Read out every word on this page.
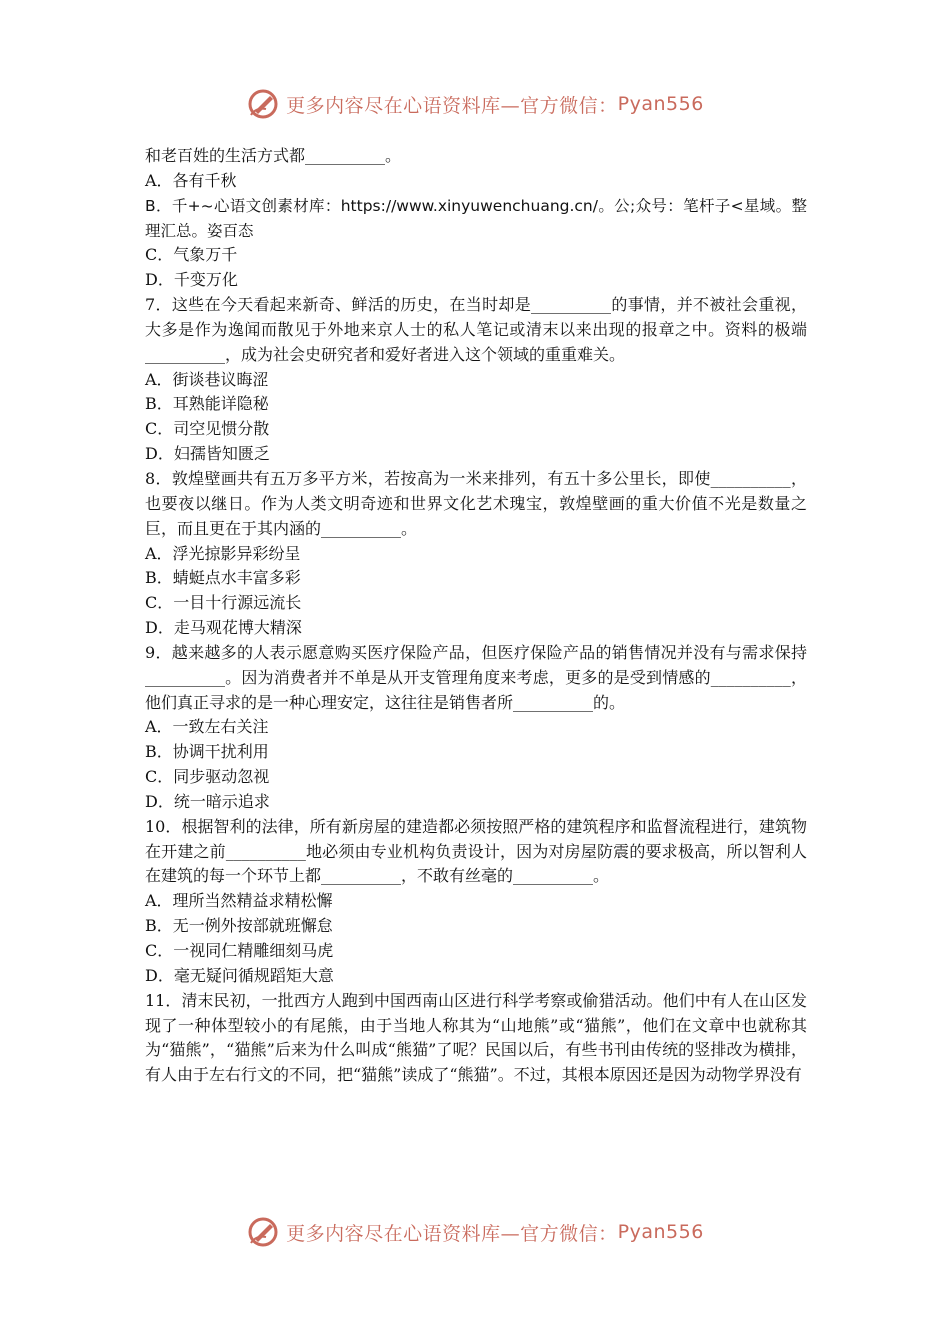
更多内容尽在心语资料库—官方微信： Pyan556

和老百姓的生活方式都__________。

A．各有千秋

B．千+~心语文创素材库：https://www.xinyuwenchuang.cn/。公;众号：笔杆子<星域。整理汇总。姿百态

C．气象万千

D．千变万化

7．这些在今天看起来新奇、鲜活的历史，在当时却是__________的事情，并不被社会重视，大多是作为逸闻而散见于外地来京人士的私人笔记或清末以来出现的报章之中。资料的极端__________，成为社会史研究者和爱好者进入这个领域的重重难关。

A．街谈巷议晦涩

B．耳熟能详隐秘

C．司空见惯分散

D．妇孺皆知匮乏

8．敦煌壁画共有五万多平方米，若按高为一米来排列，有五十多公里长，即使__________，也要夜以继日。作为人类文明奇迹和世界文化艺术瑰宝，敦煌壁画的重大价值不光是数量之巨，而且更在于其内涵的__________。

A．浮光掠影异彩纷呈

B．蜻蜓点水丰富多彩

C．一目十行源远流长

D．走马观花博大精深

9．越来越多的人表示愿意购买医疗保险产品，但医疗保险产品的销售情况并没有与需求保持__________。因为消费者并不单是从开支管理角度来考虑，更多的是受到情感的__________，他们真正寻求的是一种心理安定，这往往是销售者所__________的。

A．一致左右关注

B．协调干扰利用

C．同步驱动忽视

D．统一暗示追求

10．根据智利的法律，所有新房屋的建造都必须按照严格的建筑程序和监督流程进行，建筑物在开建之前__________地必须由专业机构负责设计，因为对房屋防震的要求极高，所以智利人在建筑的每一个环节上都__________，不敢有丝毫的__________。

A．理所当然精益求精松懈

B．无一例外按部就班懈怠

C．一视同仁精雕细刻马虎

D．毫无疑问循规蹈矩大意

11．清末民初，一批西方人跑到中国西南山区进行科学考察或偷猎活动。他们中有人在山区发现了一种体型较小的有尾熊，由于当地人称其为“山地熊”或“猫熊”，他们在文章中也就称其为“猫熊”，“猫熊”后来为什么叫成“熊猫”了呢？民国以后，有些书刊由传统的竖排改为横排，有人由于左右行文的不同，把“猫熊”读成了“熊猫”。不过，其根本原因还是因为动物学界没有

更多内容尽在心语资料库—官方微信： Pyan556
